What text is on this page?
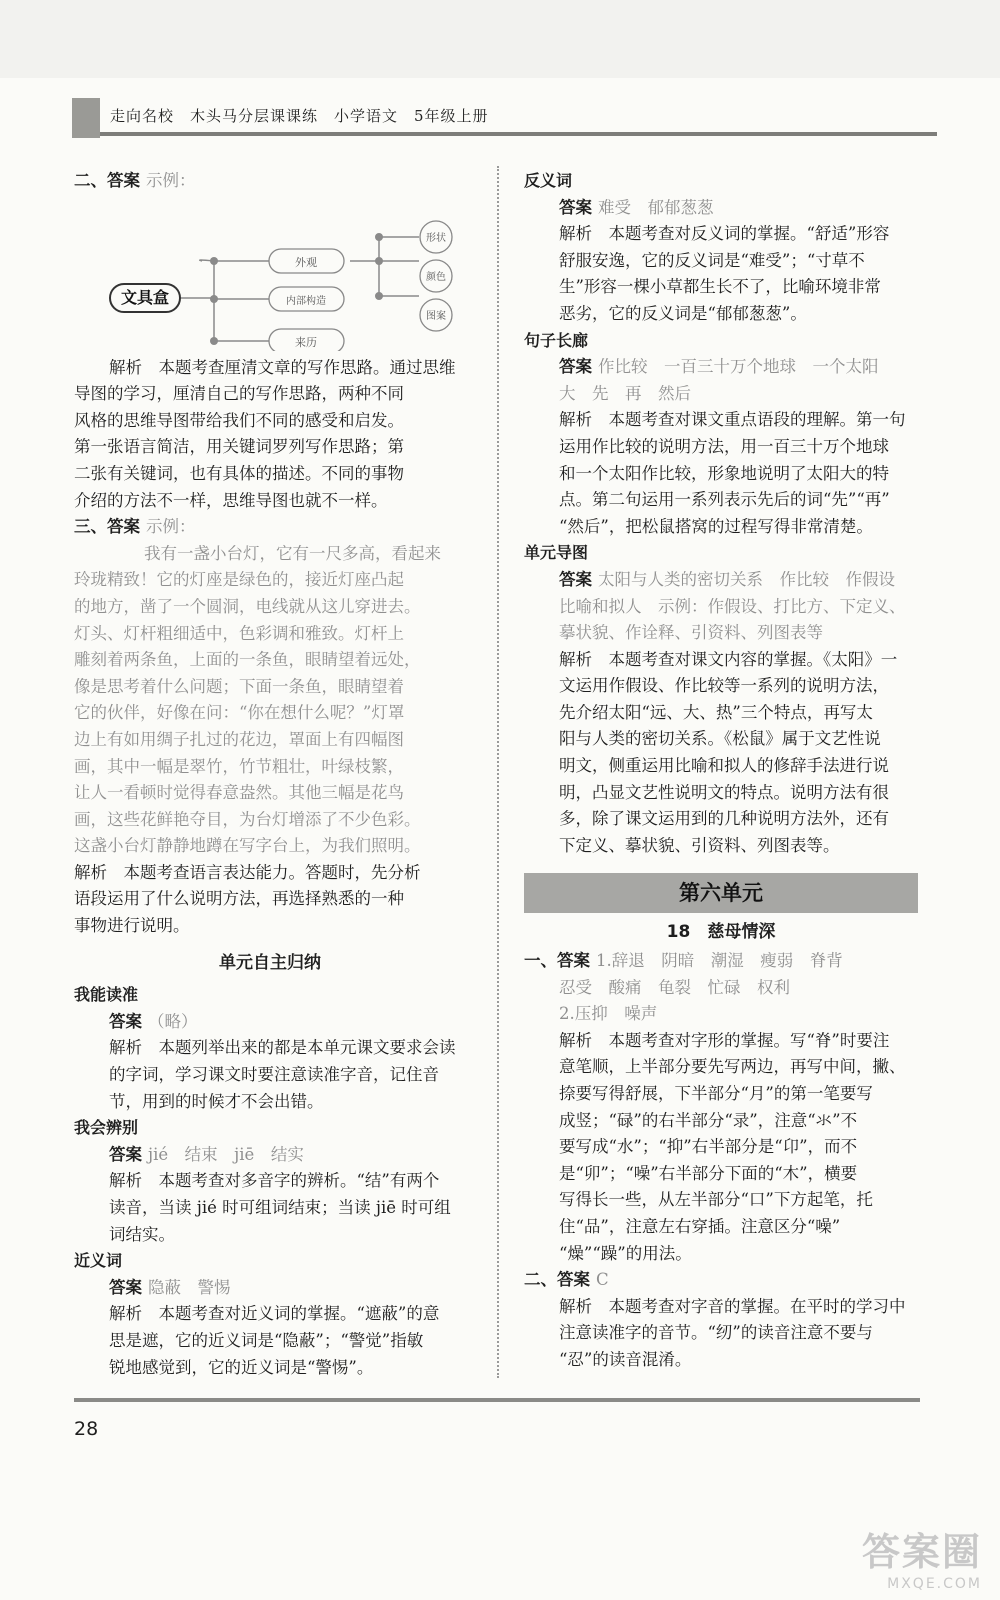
走向名校　木头马分层课课练　小学语文　5年级上册
二、答案 示例：
文具盒
外观
内部构造
来历
形状
颜色
图案
解析　本题考查厘清文章的写作思路。通过思维
导图的学习，厘清自己的写作思路，两种不同
风格的思维导图带给我们不同的感受和启发。
第一张语言简洁，用关键词罗列写作思路；第
二张有关键词，也有具体的描述。不同的事物
介绍的方法不一样，思维导图也就不一样。
三、答案 示例：
我有一盏小台灯，它有一尺多高，看起来
玲珑精致！它的灯座是绿色的，接近灯座凸起
的地方，凿了一个圆洞，电线就从这儿穿进去。
灯头、灯杆粗细适中，色彩调和雅致。灯杆上
雕刻着两条鱼，上面的一条鱼，眼睛望着远处，
像是思考着什么问题；下面一条鱼，眼睛望着
它的伙伴，好像在问：“你在想什么呢？”灯罩
边上有如用绸子扎过的花边，罩面上有四幅图
画，其中一幅是翠竹，竹节粗壮，叶绿枝繁，
让人一看顿时觉得春意盎然。其他三幅是花鸟
画，这些花鲜艳夺目，为台灯增添了不少色彩。
这盏小台灯静静地蹲在写字台上，为我们照明。
解析　本题考查语言表达能力。答题时，先分析
语段运用了什么说明方法，再选择熟悉的一种
事物进行说明。
单元自主归纳
我能读准
答案 （略）
解析　本题列举出来的都是本单元课文要求会读
的字词，学习课文时要注意读准字音，记住音
节，用到的时候才不会出错。
我会辨别
答案 jié　结束　jiē　结实
解析　本题考查对多音字的辨析。“结”有两个
读音，当读 jié 时可组词结束；当读 jiē 时可组
词结实。
近义词
答案 隐蔽　警惕
解析　本题考查对近义词的掌握。“遮蔽”的意
思是遮，它的近义词是“隐蔽”；“警觉”指敏
锐地感觉到，它的近义词是“警惕”。
反义词
答案 难受　郁郁葱葱
解析　本题考查对反义词的掌握。“舒适”形容
舒服安逸，它的反义词是“难受”；“寸草不
生”形容一棵小草都生长不了，比喻环境非常
恶劣，它的反义词是“郁郁葱葱”。
句子长廊
答案 作比较　一百三十万个地球　一个太阳
大　先　再　然后
解析　本题考查对课文重点语段的理解。第一句
运用作比较的说明方法，用一百三十万个地球
和一个太阳作比较，形象地说明了太阳大的特
点。第二句运用一系列表示先后的词“先”“再”
“然后”，把松鼠搭窝的过程写得非常清楚。
单元导图
答案 太阳与人类的密切关系　作比较　作假设
比喻和拟人　示例：作假设、打比方、下定义、
摹状貌、作诠释、引资料、列图表等
解析　本题考查对课文内容的掌握。《太阳》一
文运用作假设、作比较等一系列的说明方法，
先介绍太阳“远、大、热”三个特点，再写太
阳与人类的密切关系。《松鼠》属于文艺性说
明文，侧重运用比喻和拟人的修辞手法进行说
明，凸显文艺性说明文的特点。说明方法有很
多，除了课文运用到的几种说明方法外，还有
下定义、摹状貌、引资料、列图表等。
第六单元
18　慈母情深
一、答案 1.辞退　阴暗　潮湿　瘦弱　脊背
忍受　酸痛　龟裂　忙碌　权利
2.压抑　噪声
解析　本题考查对字形的掌握。写“脊”时要注
意笔顺，上半部分要先写两边，再写中间，撇、
捺要写得舒展，下半部分“月”的第一笔要写
成竖；“碌”的右半部分“录”，注意“氺”不
要写成“水”；“抑”右半部分是“卬”，而不
是“卯”；“噪”右半部分下面的“木”，横要
写得长一些，从左半部分“口”下方起笔，托
住“品”，注意左右穿插。注意区分“噪”
“燥”“躁”的用法。
二、答案 C
解析　本题考查对字音的掌握。在平时的学习中
注意读准字的音节。“纫”的读音注意不要与
“忍”的读音混淆。
28
答案圈
MXQE.COM
